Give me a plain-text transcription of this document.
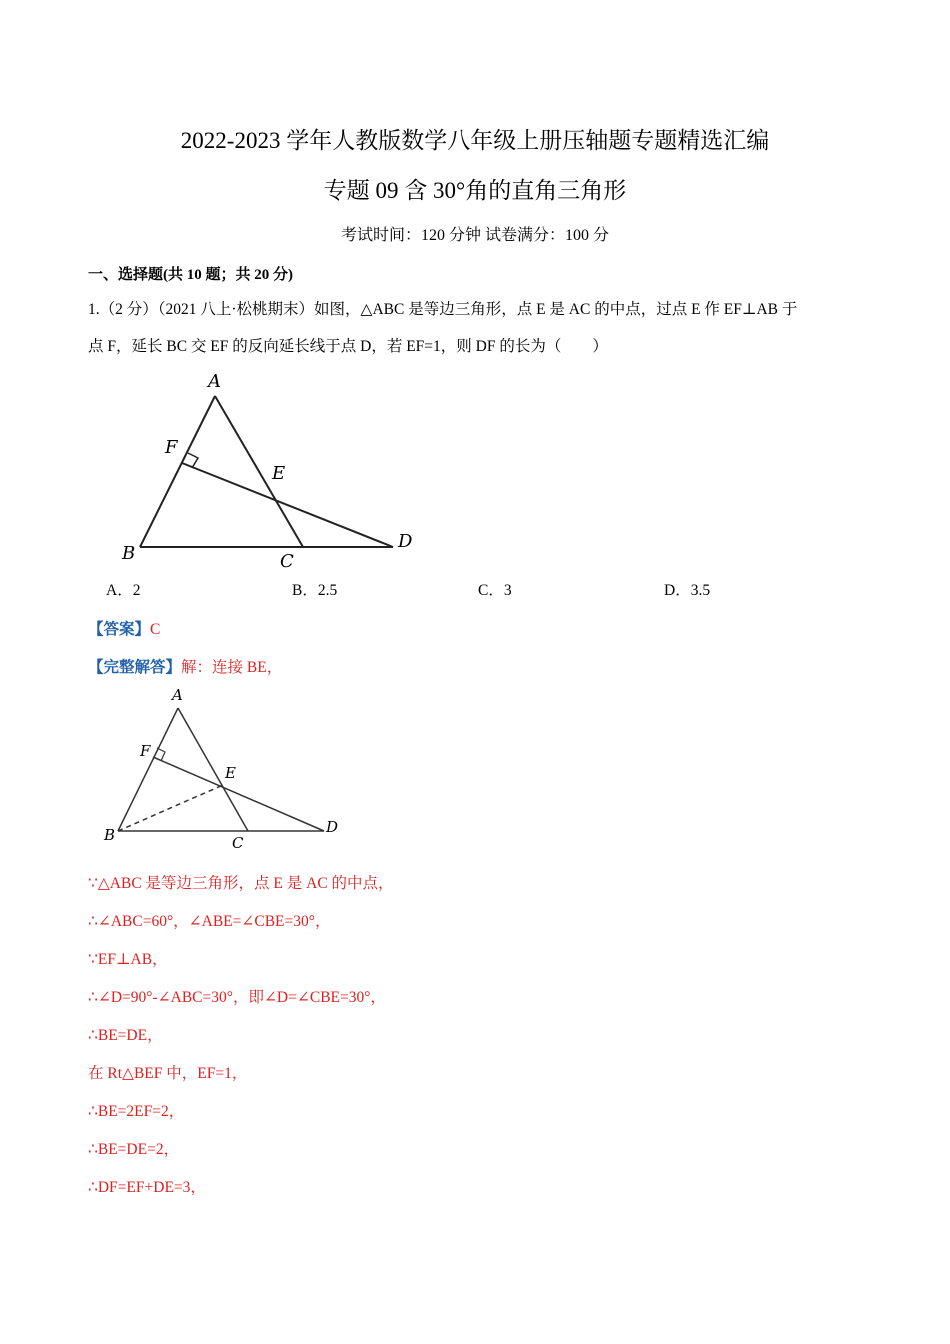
2022-2023 学年人教版数学八年级上册压轴题专题精选汇编
专题 09 含 30°角的直角三角形
考试时间：120 分钟 试卷满分：100 分
一、选择题(共 10 题；共 20 分)
1.（2 分）（2021 八上·松桃期末）如图，△ABC 是等边三角形，点 E 是 AC 的中点，过点 E 作 EF⊥AB 于
点 F，延长 BC 交 EF 的反向延长线于点 D，若 EF=1，则 DF 的长为（　　）
A
F
E
B	C
D
A．2	B．2.5	C．3	D．3.5
【答案】C
【完整解答】解：连接 BE，
A
F
E
B	C
D
∵△ABC 是等边三角形，点 E 是 AC 的中点，
∴∠ABC=60°，∠ABE=∠CBE=30°，
∵EF⊥AB，
∴∠D=90°-∠ABC=30°，即∠D=∠CBE=30°，
∴BE=DE，
在 Rt△BEF 中，EF=1，
∴BE=2EF=2，
∴BE=DE=2，
∴DF=EF+DE=3，
